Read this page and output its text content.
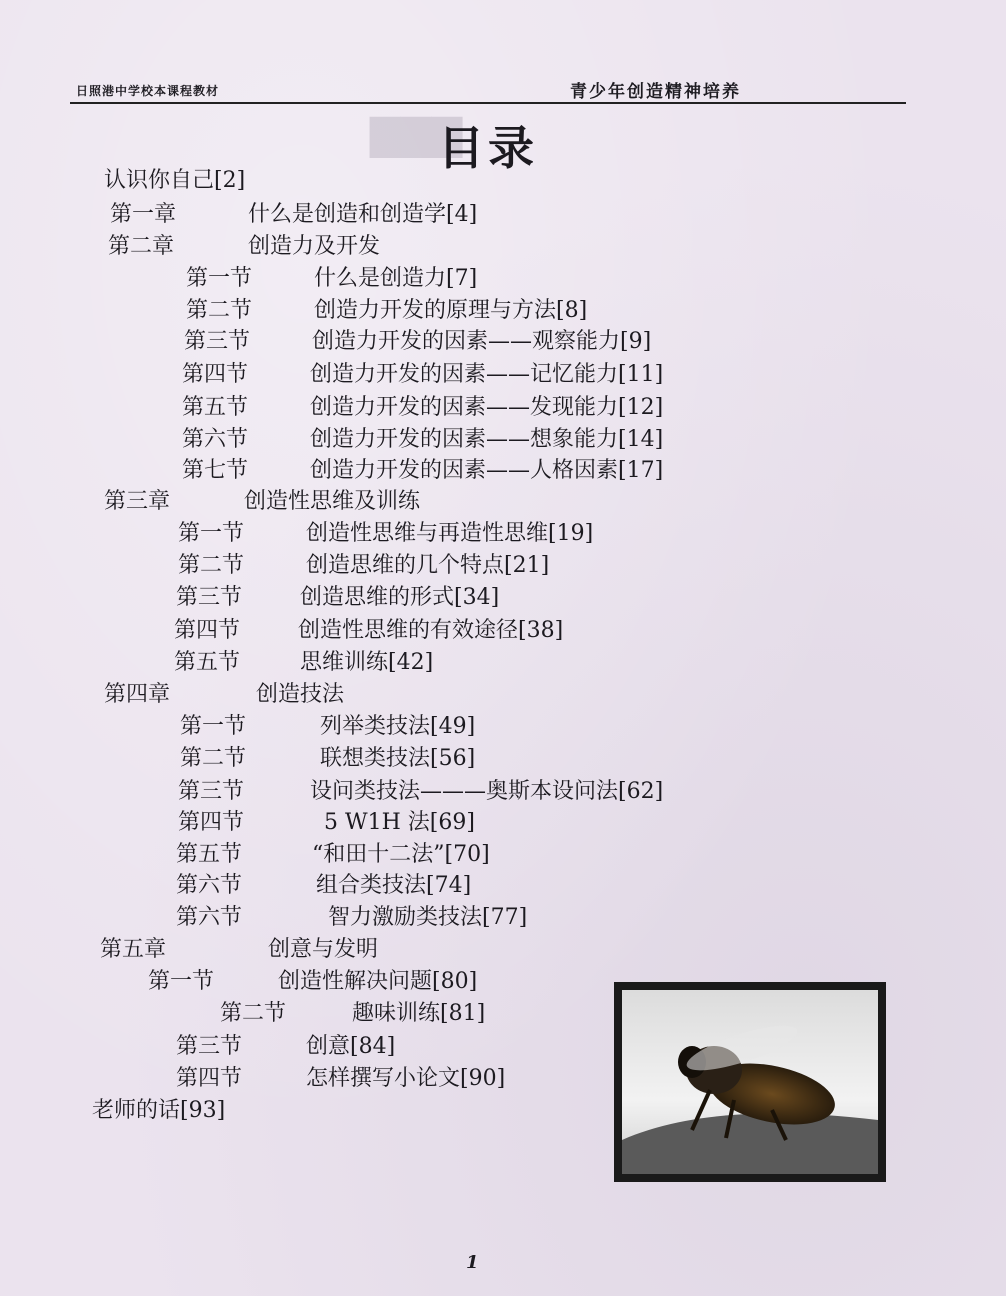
▇▇▇
日照港中学校本课程教材	青少年创造精神培养
目录
认识你自己[2]
第一章	什么是创造和创造学[4]
第二章	创造力及开发
第一节	什么是创造力[7]
第二节	创造力开发的原理与方法[8]
第三节	创造力开发的因素——观察能力[9]
第四节	创造力开发的因素——记忆能力[11]
第五节	创造力开发的因素——发现能力[12]
第六节	创造力开发的因素——想象能力[14]
第七节	创造力开发的因素——人格因素[17]
第三章	创造性思维及训练
第一节	创造性思维与再造性思维[19]
第二节	创造思维的几个特点[21]
第三节	创造思维的形式[34]
第四节	创造性思维的有效途径[38]
第五节	思维训练[42]
第四章	创造技法
第一节	列举类技法[49]
第二节	联想类技法[56]
第三节	设问类技法———奥斯本设问法[62]
第四节	5 W1H 法[69]
第五节	“和田十二法”[70]
第六节	组合类技法[74]
第六节	智力激励类技法[77]
第五章	创意与发明
第一节	创造性解决问题[80]
第二节	趣味训练[81]
第三节	创意[84]
第四节	怎样撰写小论文[90]
老师的话[93]
1
